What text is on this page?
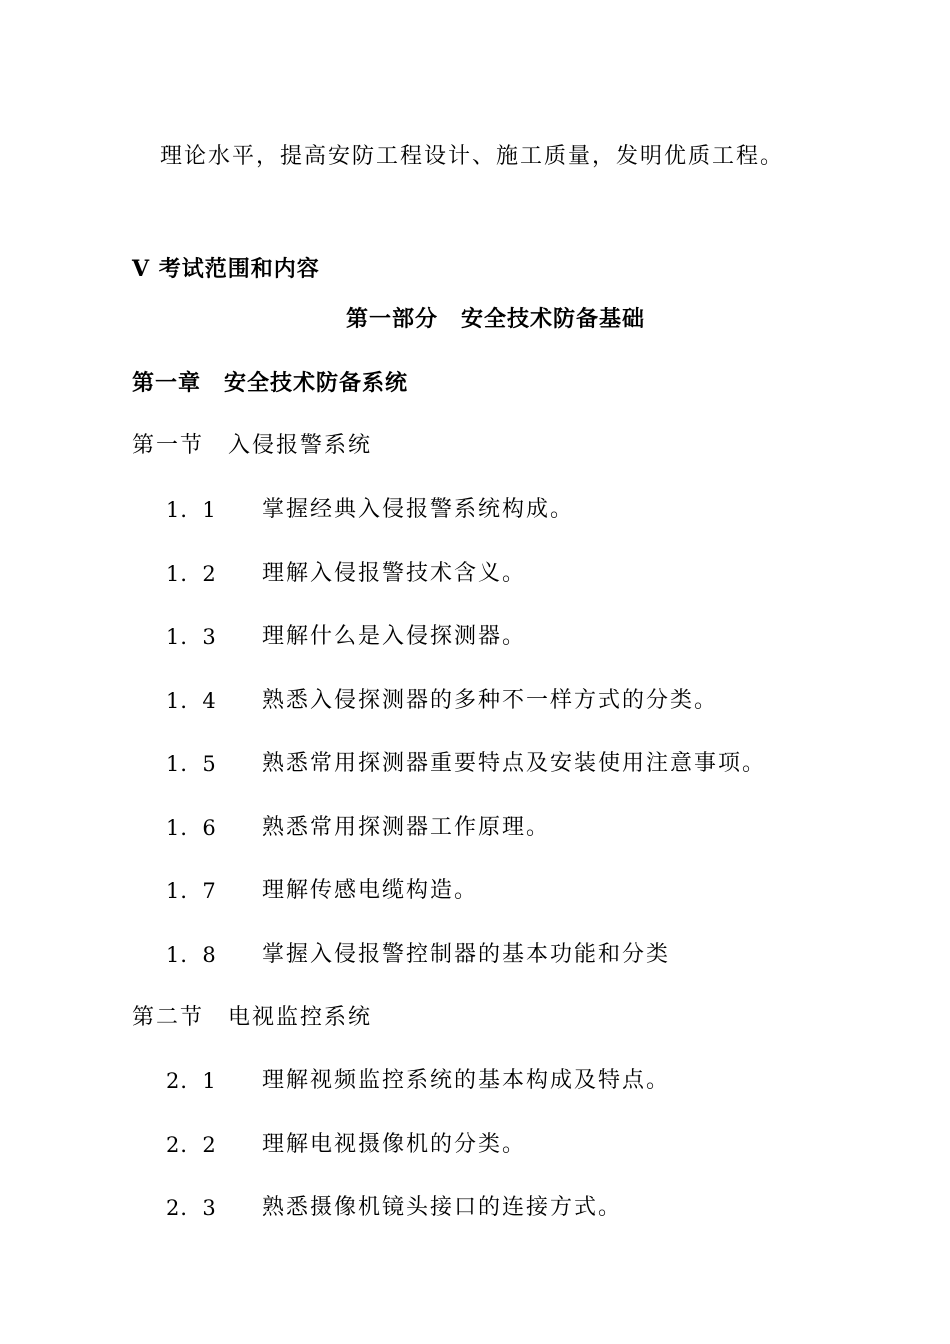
理论水平，提高安防工程设计、施工质量，发明优质工程。
Ⅴ 考试范围和内容
第一部分　安全技术防备基础
第一章　安全技术防备系统
第一节　入侵报警系统
1．1 掌握经典入侵报警系统构成。
1．2 理解入侵报警技术含义。
1．3 理解什么是入侵探测器。
1．4 熟悉入侵探测器的多种不一样方式的分类。
1．5 熟悉常用探测器重要特点及安装使用注意事项。
1．6 熟悉常用探测器工作原理。
1．7 理解传感电缆构造。
1．8 掌握入侵报警控制器的基本功能和分类
第二节　电视监控系统
2．1 理解视频监控系统的基本构成及特点。
2．2 理解电视摄像机的分类。
2．3 熟悉摄像机镜头接口的连接方式。
